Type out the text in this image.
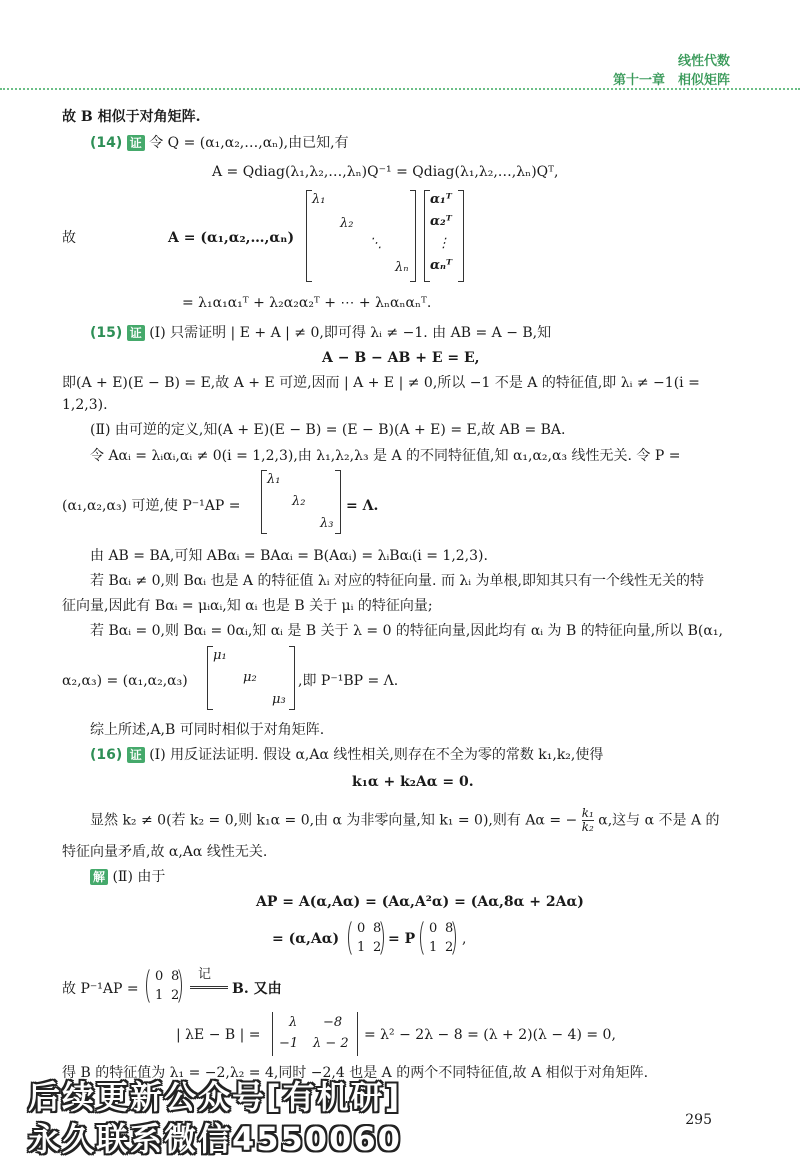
线性代数
第十一章　相似矩阵
故 B 相似于对角矩阵.
(14) 证 令 Q = (α₁,α₂,…,αₙ),由已知,有
A = Qdiag(λ₁,λ₂,…,λₙ)Q⁻¹ = Qdiag(λ₁,λ₂,…,λₙ)Qᵀ,
故	A = (α₁,α₂,…,αₙ)
λ₁
λ₂
⋱
λₙ
α₁ᵀ
α₂ᵀ
⋮
αₙᵀ
= λ₁α₁α₁ᵀ + λ₂α₂α₂ᵀ + ⋯ + λₙαₙαₙᵀ.
(15) 证 (Ⅰ) 只需证明 | E + A | ≠ 0,即可得 λᵢ ≠ −1. 由 AB = A − B,知
A − B − AB + E = E,
即(A + E)(E − B) = E,故 A + E 可逆,因而 | A + E | ≠ 0,所以 −1 不是 A 的特征值,即 λᵢ ≠ −1(i =
1,2,3).
(Ⅱ) 由可逆的定义,知(A + E)(E − B) = (E − B)(A + E) = E,故 AB = BA.
令 Aαᵢ = λᵢαᵢ,αᵢ ≠ 0(i = 1,2,3),由 λ₁,λ₂,λ₃ 是 A 的不同特征值,知 α₁,α₂,α₃ 线性无关. 令 P =
(α₁,α₂,α₃) 可逆,使 P⁻¹AP =
λ₁
λ₂
λ₃
= Λ.
由 AB = BA,可知 ABαᵢ = BAαᵢ = B(Aαᵢ) = λᵢBαᵢ(i = 1,2,3).
若 Bαᵢ ≠ 0,则 Bαᵢ 也是 A 的特征值 λᵢ 对应的特征向量. 而 λᵢ 为单根,即知其只有一个线性无关的特
征向量,因此有 Bαᵢ = μᵢαᵢ,知 αᵢ 也是 B 关于 μᵢ 的特征向量;
若 Bαᵢ = 0,则 Bαᵢ = 0αᵢ,知 αᵢ 是 B 关于 λ = 0 的特征向量,因此均有 αᵢ 为 B 的特征向量,所以 B(α₁,
α₂,α₃) = (α₁,α₂,α₃)
μ₁
μ₂
μ₃
,即 P⁻¹BP = Λ.
综上所述,A,B 可同时相似于对角矩阵.
(16) 证 (Ⅰ) 用反证法证明. 假设 α,Aα 线性相关,则存在不全为零的常数 k₁,k₂,使得
k₁α + k₂Aα = 0.
显然 k₂ ≠ 0(若 k₂ = 0,则 k₁α = 0,由 α 为非零向量,知 k₁ = 0),则有 Aα = − $\frac{\text{k₁}}{\text{k₂}} \alpha$,这与 α 不是 A 的
特征向量矛盾,故 α,Aα 线性无关.
解 (Ⅱ) 由于
AP = A(α,Aα) = (Aα,A²α) = (Aα,8α + 2Aα)
= (α,Aα)
0 8
1 2
= P
0 8
1 2
,
故 P⁻¹AP =
0 8
1 2
记
B. 又由
| λE − B | =
λ −8
−1 λ − 2
= λ² − 2λ − 8 = (λ + 2)(λ − 4) = 0,
得 B 的特征值为 λ₁ = −2,λ₂ = 4,同时 −2,4 也是 A 的两个不同特征值,故 A 相似于对角矩阵.
后续更新公众号[有机研]
永久联系微信4550060	295
